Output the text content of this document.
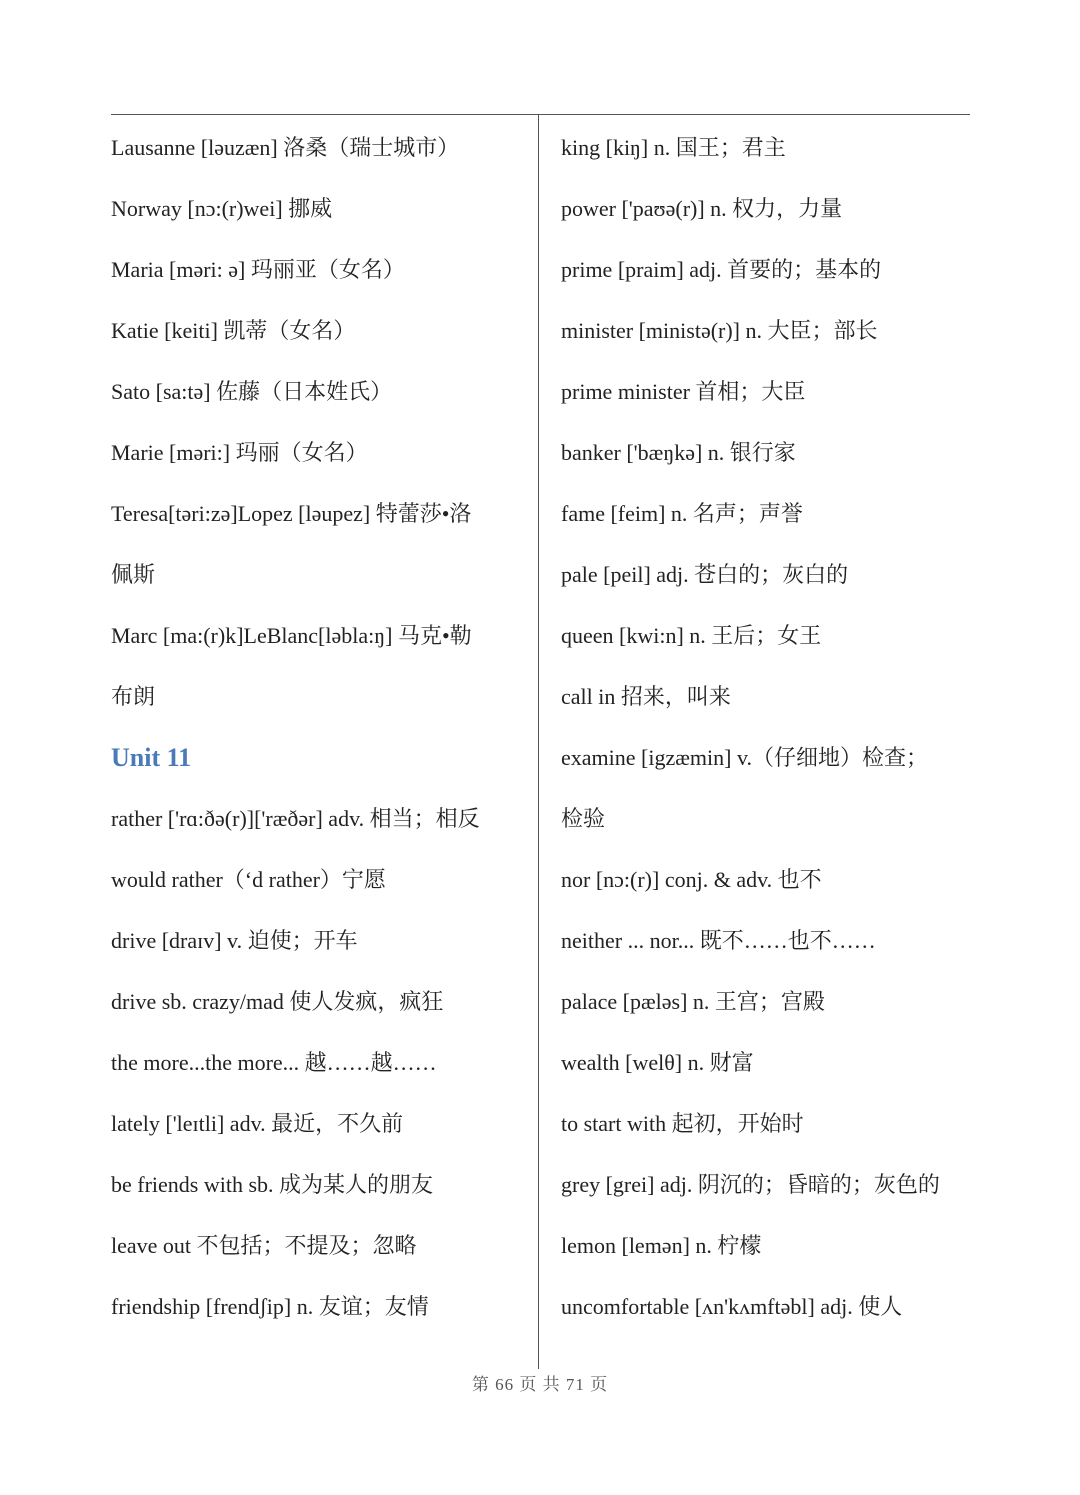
Lausanne [ləuzæn] 洛桑（瑞士城市）
Norway [nɔ:(r)wei] 挪威
Maria [məri: ə] 玛丽亚（女名）
Katie [keiti] 凯蒂（女名）
Sato [sa:tə] 佐藤（日本姓氏）
Marie [məri:] 玛丽（女名）
Teresa[təri:zə]Lopez [ləupez] 特蕾莎•洛
佩斯
Marc [ma:(r)k]LeBlanc[ləbla:ŋ] 马克•勒
布朗
Unit 11
rather ['rɑ:ðə(r)]['ræðər] adv. 相当；相反
would rather（‘d rather）宁愿
drive [draɪv] v. 迫使；开车
drive sb. crazy/mad 使人发疯，疯狂
the more...the more... 越……越……
lately ['leɪtli] adv. 最近，不久前
be friends with sb. 成为某人的朋友
leave out 不包括；不提及；忽略
friendship [frendʃip] n. 友谊；友情
king [kiŋ] n. 国王；君主
power ['paʊə(r)] n. 权力，力量
prime [praim] adj. 首要的；基本的
minister [ministə(r)] n. 大臣；部长
prime minister 首相；大臣
banker ['bæŋkə] n. 银行家
fame [feim] n. 名声；声誉
pale [peil] adj. 苍白的；灰白的
queen [kwi:n] n. 王后；女王
call in 招来，叫来
examine [igzæmin] v.（仔细地）检查；
检验
nor [nɔ:(r)] conj. & adv. 也不
neither ... nor... 既不……也不……
palace [pæləs] n. 王宫；宫殿
wealth [welθ] n. 财富
to start with 起初，开始时
grey [grei] adj. 阴沉的；昏暗的；灰色的
lemon [lemən] n. 柠檬
uncomfortable [ʌn'kʌmftəbl] adj. 使人
第 66 页 共 71 页
